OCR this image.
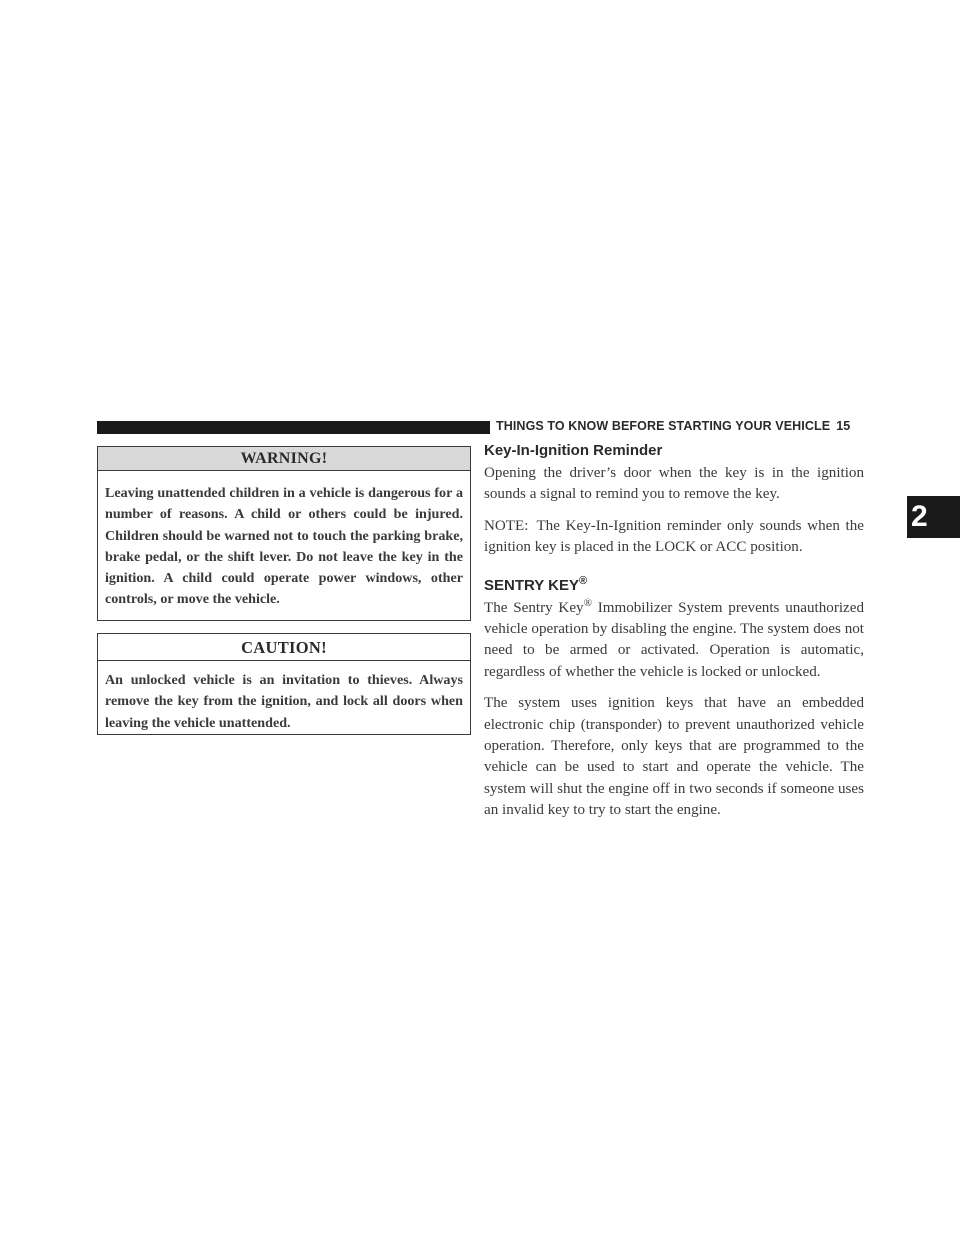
THINGS TO KNOW BEFORE STARTING YOUR VEHICLE 15
2
WARNING!

Leaving unattended children in a vehicle is dangerous for a number of reasons. A child or others could be injured. Children should be warned not to touch the parking brake, brake pedal, or the shift lever. Do not leave the key in the ignition. A child could operate power windows, other controls, or move the vehicle.

CAUTION!

An unlocked vehicle is an invitation to thieves. Always remove the key from the ignition, and lock all doors when leaving the vehicle unattended.

Key-In-Ignition Reminder

Opening the driver’s door when the key is in the ignition sounds a signal to remind you to remove the key.

NOTE: The Key-In-Ignition reminder only sounds when the ignition key is placed in the LOCK or ACC position.

SENTRY KEY®

The Sentry Key® Immobilizer System prevents unauthorized vehicle operation by disabling the engine. The system does not need to be armed or activated. Operation is automatic, regardless of whether the vehicle is locked or unlocked.

The system uses ignition keys that have an embedded electronic chip (transponder) to prevent unauthorized vehicle operation. Therefore, only keys that are programmed to the vehicle can be used to start and operate the vehicle. The system will shut the engine off in two seconds if someone uses an invalid key to try to start the engine.
